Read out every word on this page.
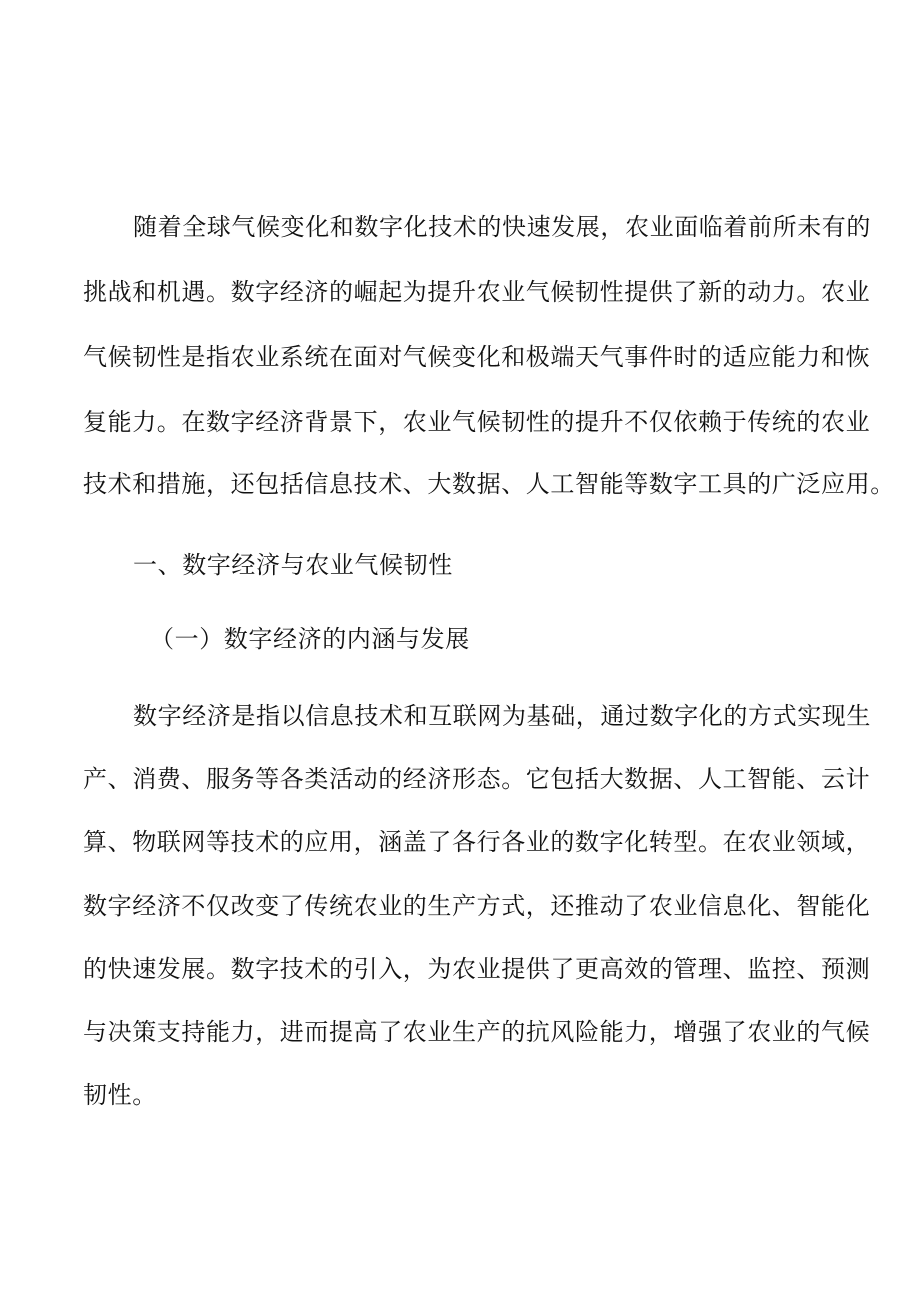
随着全球气候变化和数字化技术的快速发展，农业面临着前所未有的
挑战和机遇。数字经济的崛起为提升农业气候韧性提供了新的动力。农业
气候韧性是指农业系统在面对气候变化和极端天气事件时的适应能力和恢
复能力。在数字经济背景下，农业气候韧性的提升不仅依赖于传统的农业
技术和措施，还包括信息技术、大数据、人工智能等数字工具的广泛应用。
一、数字经济与农业气候韧性
（一）数字经济的内涵与发展
数字经济是指以信息技术和互联网为基础，通过数字化的方式实现生
产、消费、服务等各类活动的经济形态。它包括大数据、人工智能、云计
算、物联网等技术的应用，涵盖了各行各业的数字化转型。在农业领域，
数字经济不仅改变了传统农业的生产方式，还推动了农业信息化、智能化
的快速发展。数字技术的引入，为农业提供了更高效的管理、监控、预测
与决策支持能力，进而提高了农业生产的抗风险能力，增强了农业的气候
韧性。
